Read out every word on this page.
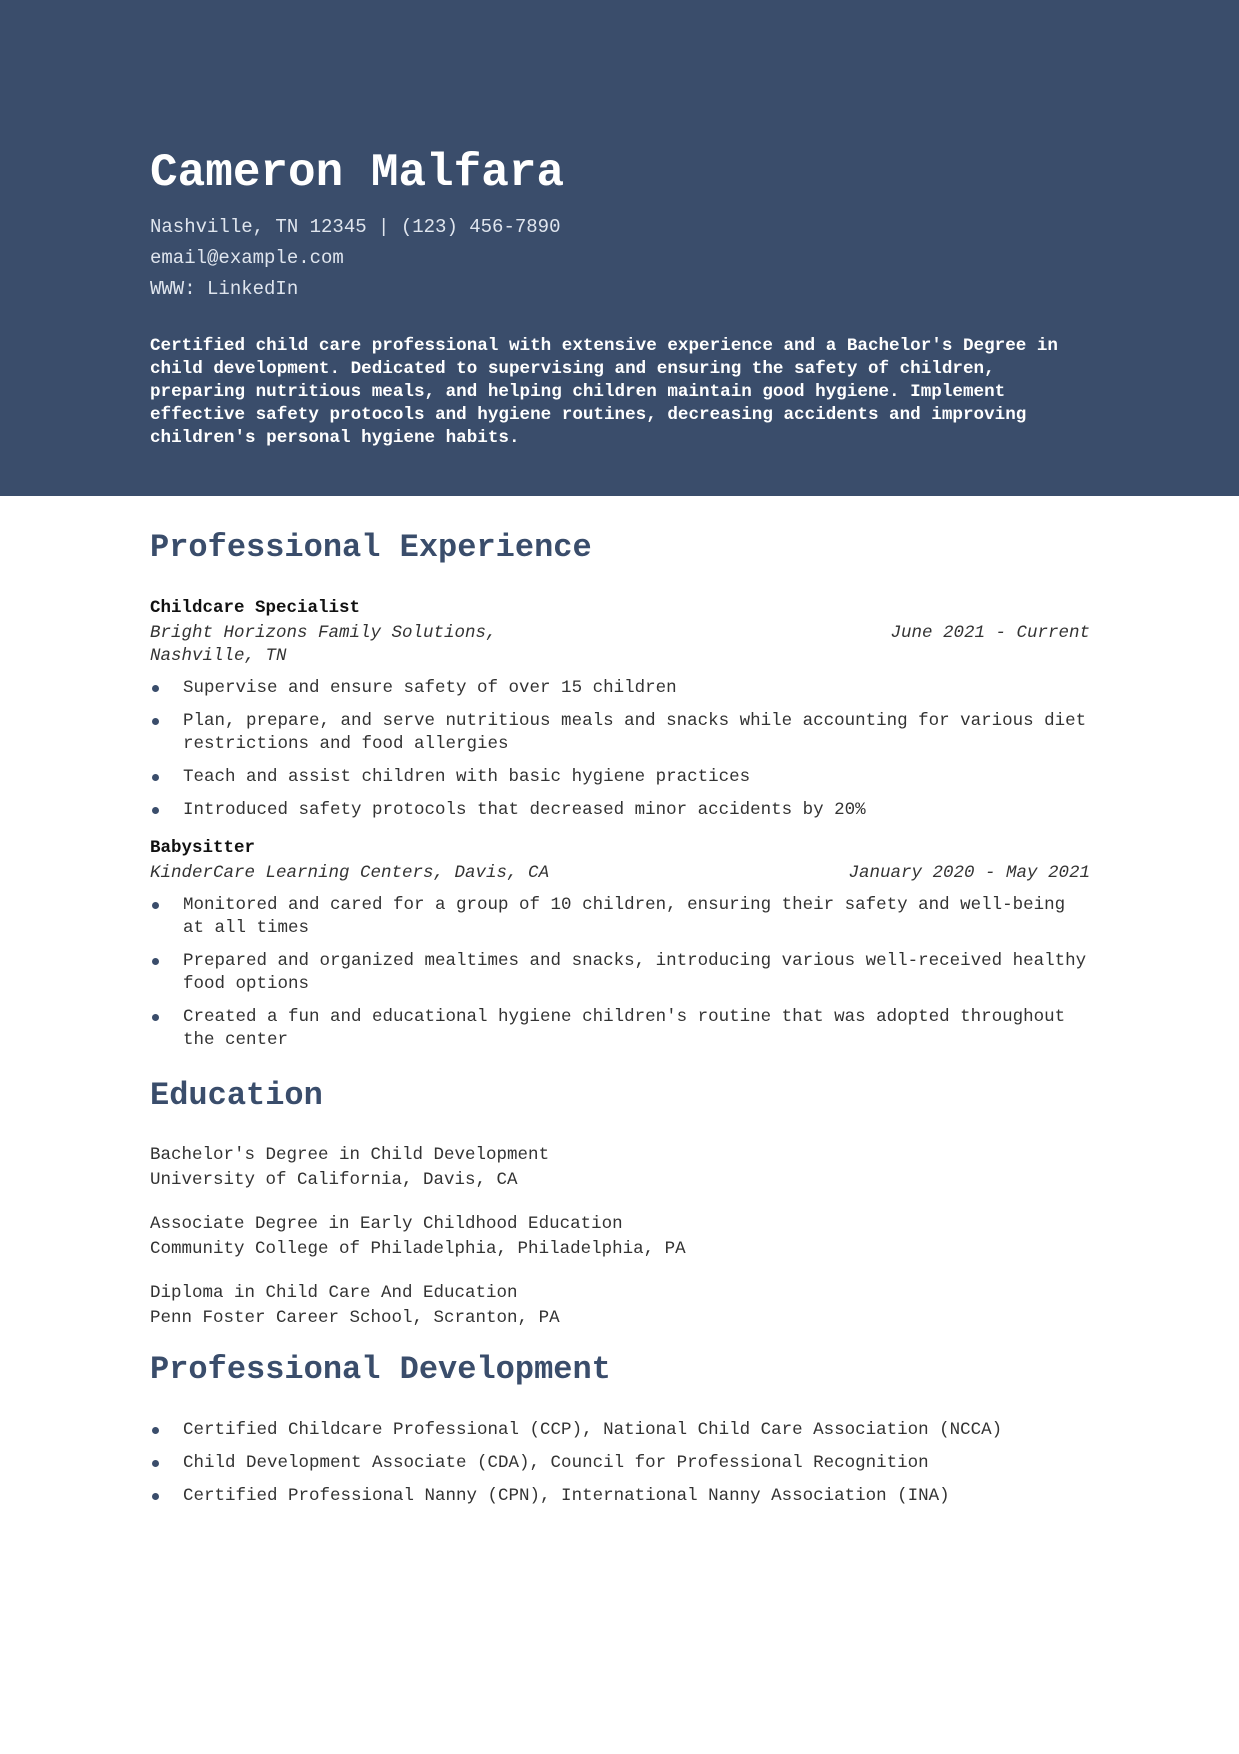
Cameron Malfara
Nashville, TN 12345 | (123) 456-7890
email@example.com
WWW: LinkedIn
Certified child care professional with extensive experience and a Bachelor's Degree in child development. Dedicated to supervising and ensuring the safety of children, preparing nutritious meals, and helping children maintain good hygiene. Implement effective safety protocols and hygiene routines, decreasing accidents and improving children's personal hygiene habits.
Professional Experience
Childcare Specialist
Bright Horizons Family Solutions, Nashville, TN
June 2021 - Current
Supervise and ensure safety of over 15 children
Plan, prepare, and serve nutritious meals and snacks while accounting for various diet restrictions and food allergies
Teach and assist children with basic hygiene practices
Introduced safety protocols that decreased minor accidents by 20%
Babysitter
KinderCare Learning Centers, Davis, CA	January 2020 - May 2021
Monitored and cared for a group of 10 children, ensuring their safety and well-being at all times
Prepared and organized mealtimes and snacks, introducing various well-received healthy food options
Created a fun and educational hygiene children's routine that was adopted throughout the center
Education
Bachelor's Degree in Child Development
University of California, Davis, CA
Associate Degree in Early Childhood Education
Community College of Philadelphia, Philadelphia, PA
Diploma in Child Care And Education
Penn Foster Career School, Scranton, PA
Professional Development
Certified Childcare Professional (CCP), National Child Care Association (NCCA)
Child Development Associate (CDA), Council for Professional Recognition
Certified Professional Nanny (CPN), International Nanny Association (INA)
